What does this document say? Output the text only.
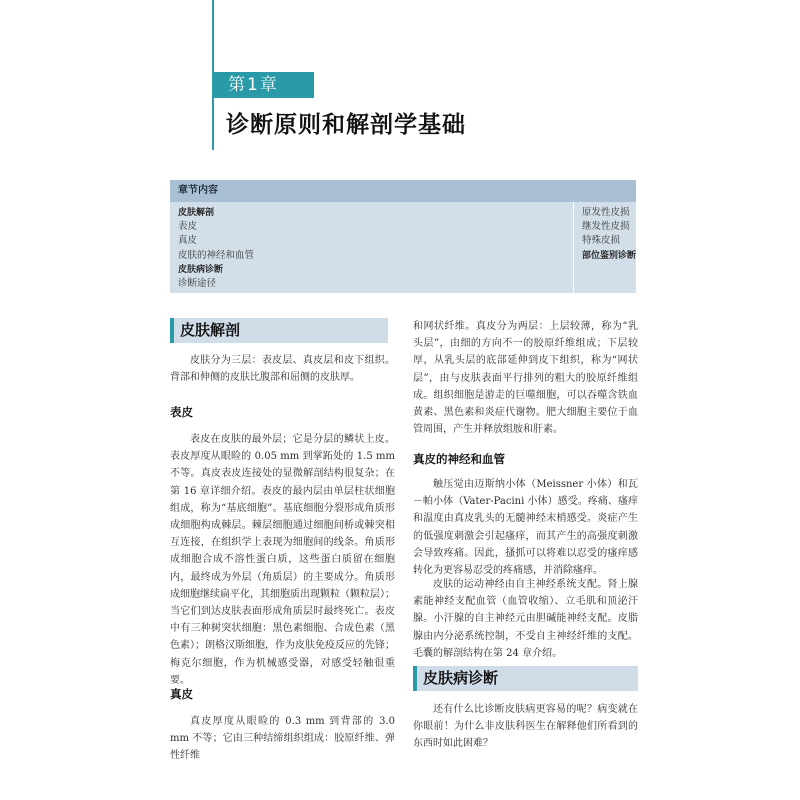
第1章
诊断原则和解剖学基础
章节内容
皮肤解剖
表皮
真皮
皮肤的神经和血管
皮肤病诊断
诊断途径
原发性皮损
继发性皮损
特殊皮损
部位鉴别诊断
皮肤解剖

皮肤分为三层：表皮层、真皮层和皮下组织。背部和伸侧的皮肤比腹部和屈侧的皮肤厚。

表皮

表皮在皮肤的最外层；它是分层的鳞状上皮。表皮厚度从眼睑的 0.05 mm 到掌跖处的 1.5 mm 不等。真皮表皮连接处的显微解剖结构很复杂；在第 16 章详细介绍。表皮的最内层由单层柱状细胞组成，称为“基底细胞”。基底细胞分裂形成角质形成细胞构成棘层。棘层细胞通过细胞间桥或棘突相互连接，在组织学上表现为细胞间的线条。角质形成细胞合成不溶性蛋白质，这些蛋白质留在细胞内，最终成为外层（角质层）的主要成分。角质形成细胞继续扁平化，其细胞质出现颗粒（颗粒层）；当它们到达皮肤表面形成角质层时最终死亡。表皮中有三种树突状细胞：黑色素细胞、合成色素（黑色素）；朗格汉斯细胞，作为皮肤免疫反应的先锋；梅克尔细胞，作为机械感受器，对感受轻触很重要。

真皮

真皮厚度从眼睑的 0.3 mm 到背部的 3.0 mm 不等；它由三种结缔组织组成：胶原纤维、弹性纤维

和网状纤维。真皮分为两层：上层较薄，称为“乳头层”，由细的方向不一的胶原纤维组成；下层较厚，从乳头层的底部延伸到皮下组织，称为“网状层”，由与皮肤表面平行排列的粗大的胶原纤维组成。组织细胞是游走的巨噬细胞，可以吞噬含铁血黄素、黑色素和炎症代谢物。肥大细胞主要位于血管周围，产生并释放组胺和肝素。

真皮的神经和血管

触压觉由迈斯纳小体（Meissner 小体）和瓦－帕小体（Vater-Pacini 小体）感受。疼痛、瘙痒和温度由真皮乳头的无髓神经末梢感受。炎症产生的低强度刺激会引起瘙痒，而其产生的高强度刺激会导致疼痛。因此，搔抓可以将难以忍受的瘙痒感转化为更容易忍受的疼痛感，并消除瘙痒。

皮肤的运动神经由自主神经系统支配。肾上腺素能神经支配血管（血管收缩）、立毛肌和顶泌汗腺。小汗腺的自主神经元由胆碱能神经支配。皮脂腺由内分泌系统控制，不受自主神经纤维的支配。毛囊的解剖结构在第 24 章介绍。

皮肤病诊断

还有什么比诊断皮肤病更容易的呢？病变就在你眼前！为什么非皮肤科医生在解释他们所看到的东西时如此困难？
